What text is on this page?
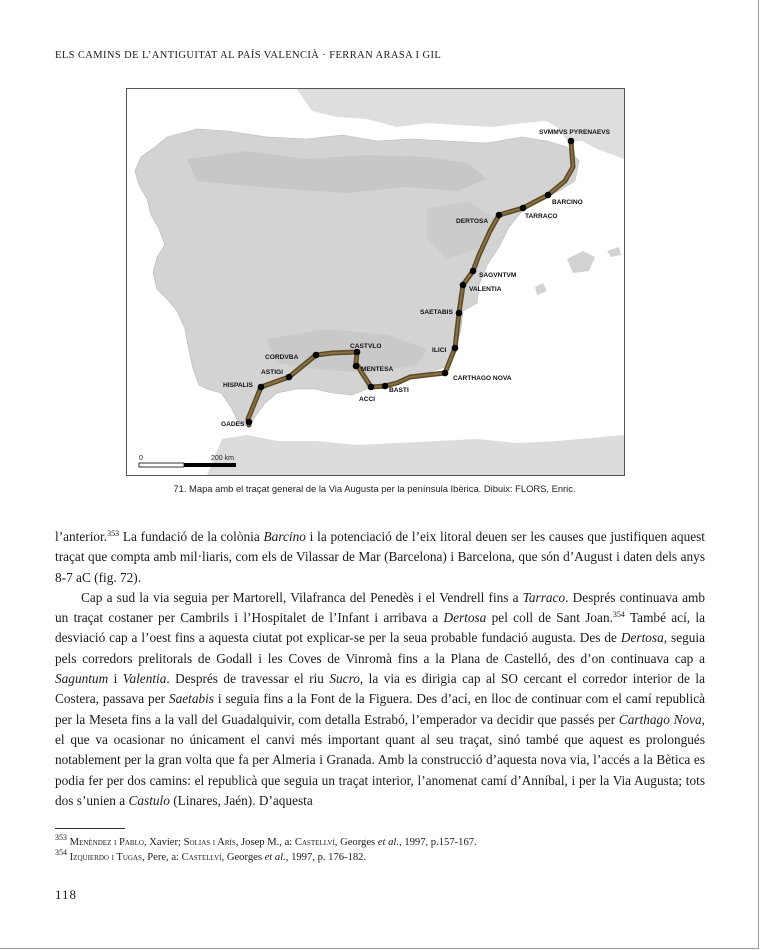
ELS CAMINS DE L’ANTIGUITAT AL PAÍS VALENCIÀ · FERRAN ARASA I GIL
SVMMVS PYRENAEVS
BARCINO
TARRACO
DERTOSA
SAGVNTVM
VALENTIA
SAETABIS
ILICI
CARTHAGO NOVA
CASTVLO
MENTESA
BASTI
ACCI
CORDVBA
ASTIGI
HISPALIS
GADES
0	200 km
71. Mapa amb el traçat general de la Via Augusta per la península Ibèrica. Dibuix: FLORS, Enric.

l’anterior.$^{353}$ La fundació de la colònia Barcino i la potenciació de l’eix litoral deuen ser les causes que justifiquen aquest traçat que compta amb mil·liaris, com els de Vilassar de Mar (Barcelona) i Barcelona, que són d’August i daten dels anys 8-7 aC (fig. 72).

Cap a sud la via seguia per Martorell, Vilafranca del Penedès i el Vendrell fins a Tarraco. Després continuava amb un traçat costaner per Cambrils i l’Hospitalet de l’Infant i arribava a Dertosa pel coll de Sant Joan.$^{354}$ També ací, la desviació cap a l’oest fins a aquesta ciutat pot explicar-se per la seua probable fundació augusta. Des de Dertosa, seguia pels corredors prelitorals de Godall i les Coves de Vinromà fins a la Plana de Castelló, des d’on continuava cap a Saguntum i Valentia. Després de travessar el riu Sucro, la via es dirigia cap al SO cercant el corredor interior de la Costera, passava per Saetabis i seguia fins a la Font de la Figuera. Des d’ací, en lloc de continuar com el camí republicà per la Meseta fins a la vall del Guadalquivir, com detalla Estrabó, l’emperador va decidir que passés per Carthago Nova, el que va ocasionar no únicament el canvi més important quant al seu traçat, sinó també que aquest es prolongués notablement per la gran volta que fa per Almeria i Granada. Amb la construcció d’aquesta nova via, l’accés a la Bètica es podia fer per dos camins: el republicà que seguia un traçat interior, l’anomenat camí d’Anníbal, i per la Via Augusta; tots dos s’unien a Castulo (Linares, Jaén). D’aquesta

$^{353}$ Menéndez i Pablo, Xavier; Solias i Arís, Josep M., a: Castellví, Georges et al., 1997, p.157-167.
$^{354}$ Izquierdo i Tugas, Pere, a: Castellví, Georges et al., 1997, p. 176-182.
118
